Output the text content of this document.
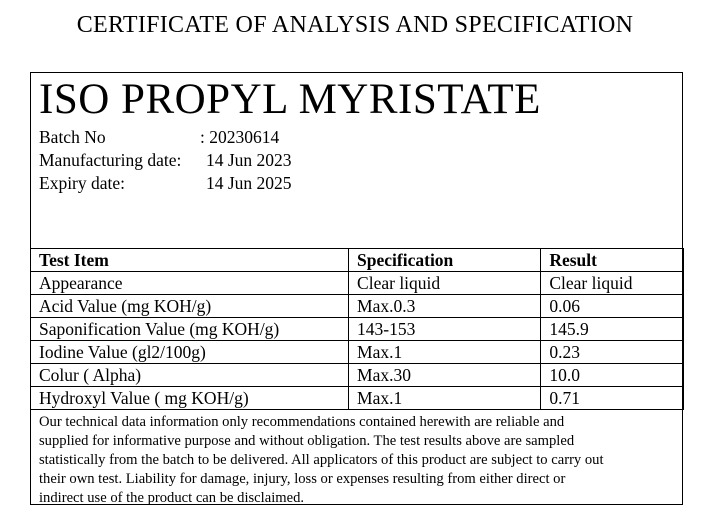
CERTIFICATE OF ANALYSIS AND SPECIFICATION
ISO PROPYL MYRISTATE
Batch No	: 20230614
Manufacturing date: 14 Jun 2023
Expiry date:	14 Jun 2025
Test Item	Specification	Result
Appearance	Clear liquid	Clear liquid
Acid Value (mg KOH/g)	Max.0.3	0.06
Saponification Value (mg KOH/g)	143-153	145.9
Iodine Value (gl2/100g)	Max.1	0.23
Colur ( Alpha)	Max.30	10.0
Hydroxyl Value ( mg KOH/g)	Max.1	0.71
Our technical data information only recommendations contained herewith are reliable and
supplied for informative purpose and without obligation. The test results above are sampled
statistically from the batch to be delivered. All applicators of this product are subject to carry out
their own test. Liability for damage, injury, loss or expenses resulting from either direct or
indirect use of the product can be disclaimed.
